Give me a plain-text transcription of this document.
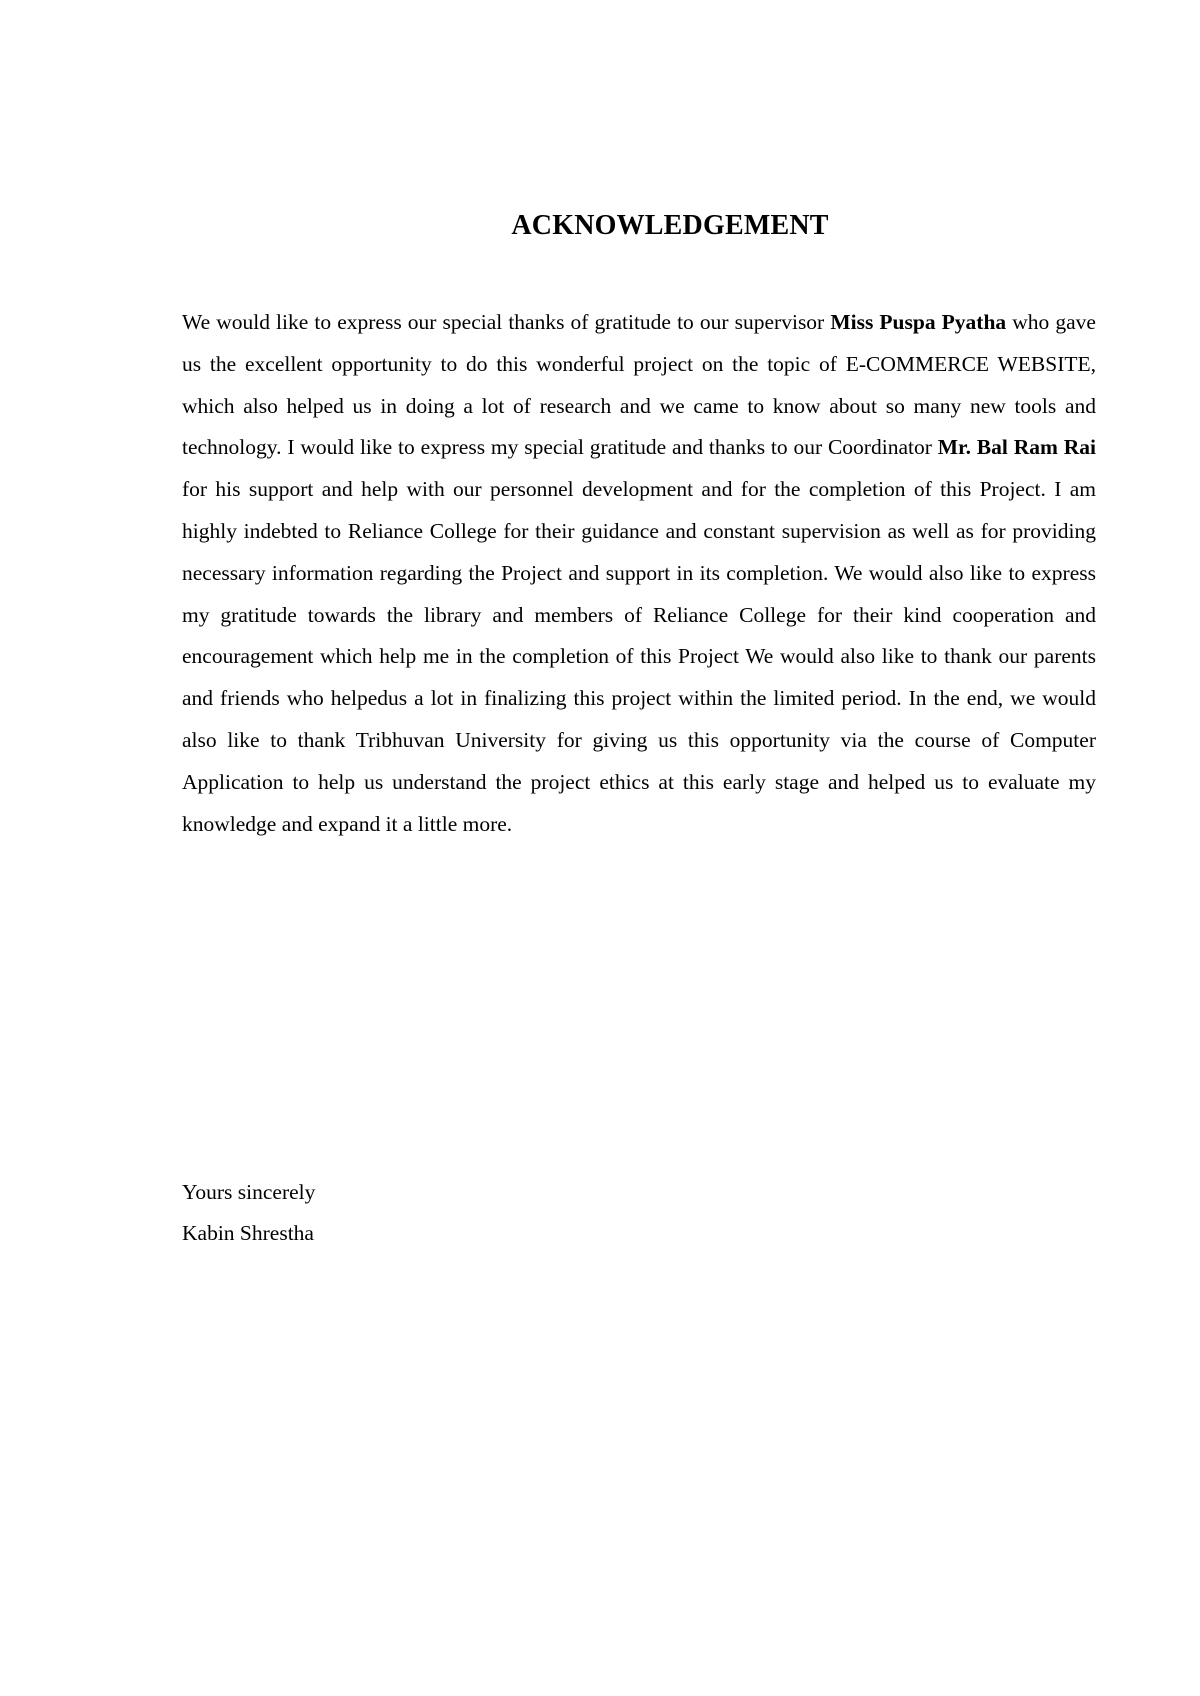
ACKNOWLEDGEMENT

We would like to express our special thanks of gratitude to our supervisor Miss Puspa Pyatha who gave us the excellent opportunity to do this wonderful project on the topic of E-COMMERCE WEBSITE, which also helped us in doing a lot of research and we came to know about so many new tools and technology. I would like to express my special gratitude and thanks to our Coordinator Mr. Bal Ram Rai for his support and help with our personnel development and for the completion of this Project. I am highly indebted to Reliance College for their guidance and constant supervision as well as for providing necessary information regarding the Project and support in its completion. We would also like to express my gratitude towards the library and members of Reliance College for their kind cooperation and encouragement which help me in the completion of this Project We would also like to thank our parents and friends who helpedus a lot in finalizing this project within the limited period. In the end, we would also like to thank Tribhuvan University for giving us this opportunity via the course of Computer Application to help us understand the project ethics at this early stage and helped us to evaluate my knowledge and expand it a little more.

Yours sincerely
Kabin Shrestha
